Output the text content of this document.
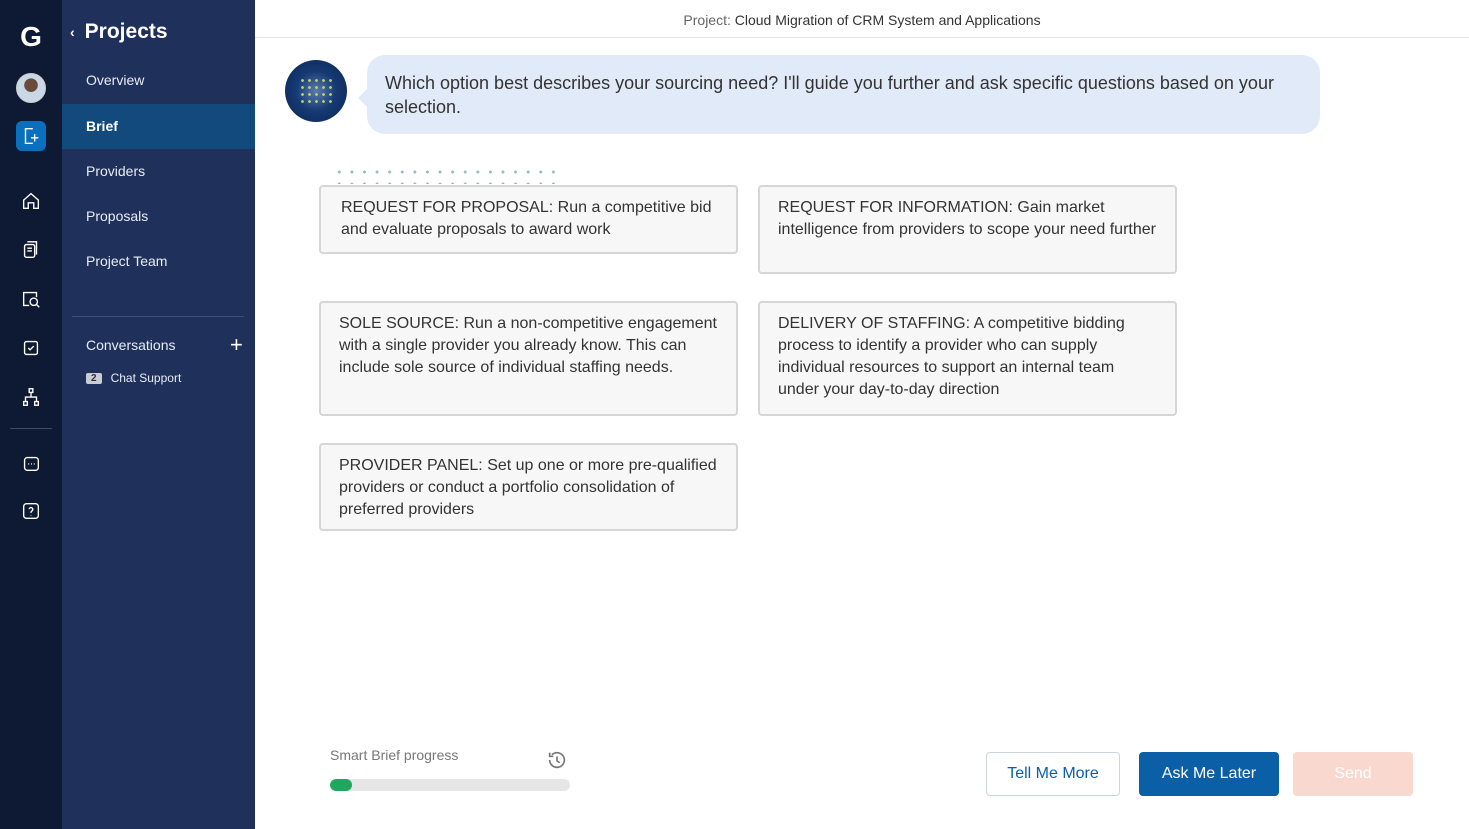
G ‹ Projects
Overview
Brief
Providers
Proposals
Project Team
Conversations +
2	Chat Support
Project: Cloud Migration of CRM System and Applications
Which option best describes your sourcing need? I'll guide you further and ask specific questions based on your selection.
REQUEST FOR PROPOSAL: Run a competitive bid and evaluate proposals to award work
REQUEST FOR INFORMATION: Gain market intelligence from providers to scope your need further
SOLE SOURCE: Run a non-competitive engagement with a single provider you already know. This can include sole source of individual staffing needs.
DELIVERY OF STAFFING: A competitive bidding process to identify a provider who can supply individual resources to support an internal team under your day-to-day direction
PROVIDER PANEL: Set up one or more pre-qualified providers or conduct a portfolio consolidation of preferred providers
Smart Brief progress
Tell Me More	Ask Me Later	Send
